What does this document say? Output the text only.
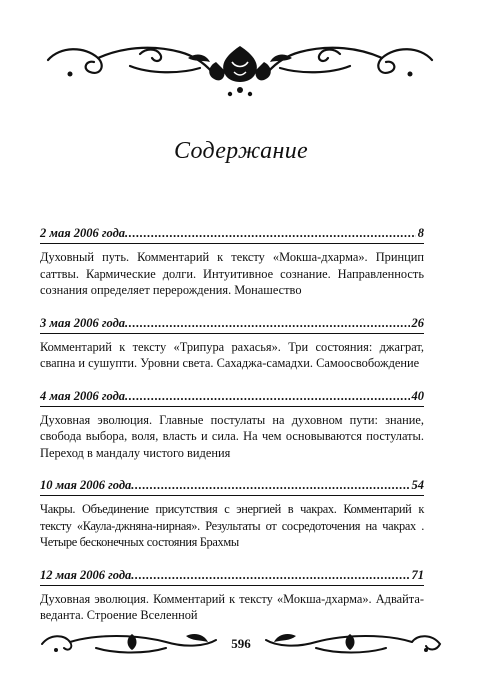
Содержание
2 мая 2006 года .....	8
Духовный путь. Комментарий к тексту «Мокша-дхарма». Принцип саттвы. Кармические долги. Интуитивное сознание. Направленность сознания определяет перерождения. Монашество
3 мая 2006 года .....	26
Комментарий к тексту «Трипура рахасья». Три состояния: джаграт, свапна и сушупти. Уровни света. Сахаджа-самадхи. Самоосвобождение
4 мая 2006 года .....	40
Духовная эволюция. Главные постулаты на духовном пути: знание, свобода выбора, воля, власть и сила. На чем основываются постулаты. Переход в мандалу чистого видения
10 мая 2006 года .....	54
Чакры. Объединение присутствия с энергией в чакрах. Комментарий к тексту «Каула-джняна-нирная». Результаты от сосредоточения на чакрах . Четыре бесконечных состояния Брахмы
12 мая 2006 года .....	71
Духовная эволюция. Комментарий к тексту «Мокша-дхарма». Адвайта-веданта. Строение Вселенной
596
